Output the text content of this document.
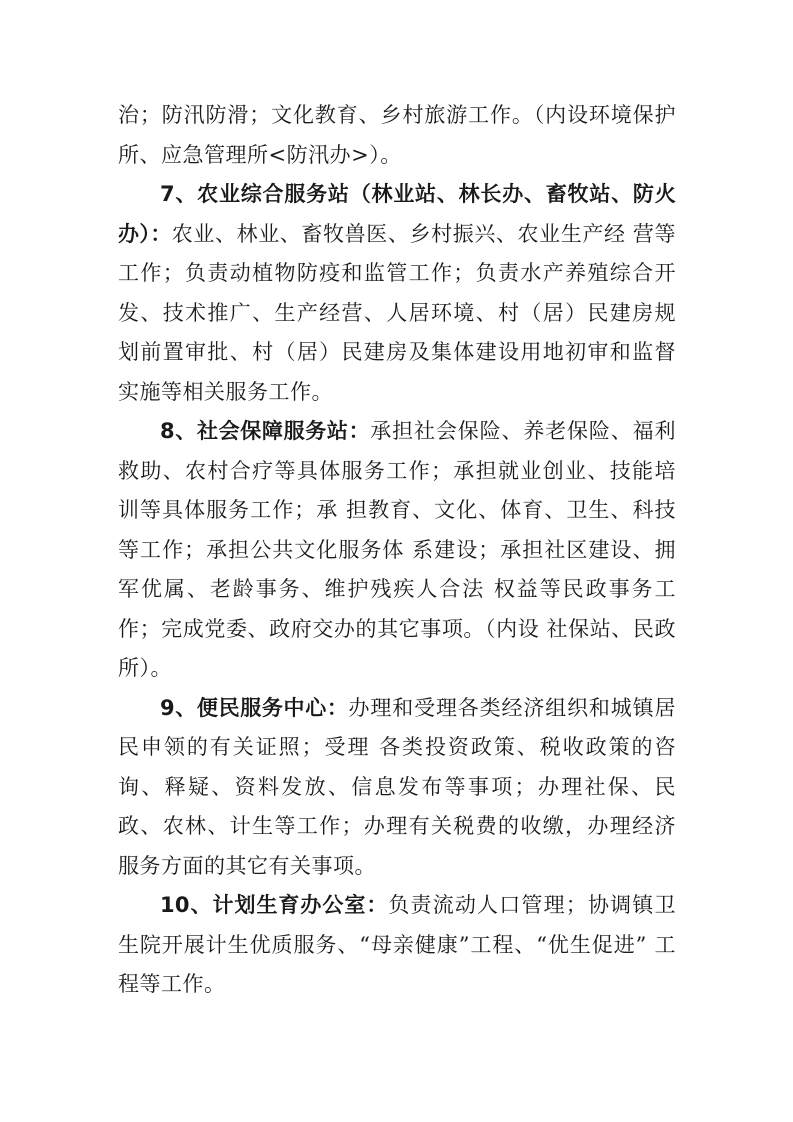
治；防汛防滑；文化教育、乡村旅游工作。（内设环境保护所、应急管理所<防汛办>）。

7、农业综合服务站（林业站、林长办、畜牧站、防火办）：农业、林业、畜牧兽医、乡村振兴、农业生产经 营等工作；负责动植物防疫和监管工作；负责水产养殖综合开发、技术推广、生产经营、人居环境、村（居）民建房规划前置审批、村（居）民建房及集体建设用地初审和监督实施等相关服务工作。

8、社会保障服务站：承担社会保险、养老保险、福利救助、农村合疗等具体服务工作；承担就业创业、技能培训等具体服务工作；承 担教育、文化、体育、卫生、科技等工作；承担公共文化服务体 系建设；承担社区建设、拥军优属、老龄事务、维护残疾人合法 权益等民政事务工作；完成党委、政府交办的其它事项。（内设 社保站、民政所）。

9、便民服务中心：办理和受理各类经济组织和城镇居民申领的有关证照；受理 各类投资政策、税收政策的咨询、释疑、资料发放、信息发布等事项；办理社保、民政、农林、计生等工作；办理有关税费的收缴，办理经济服务方面的其它有关事项。

10、计划生育办公室：负责流动人口管理；协调镇卫生院开展计生优质服务、“母亲健康”工程、“优生促进” 工程等工作。
